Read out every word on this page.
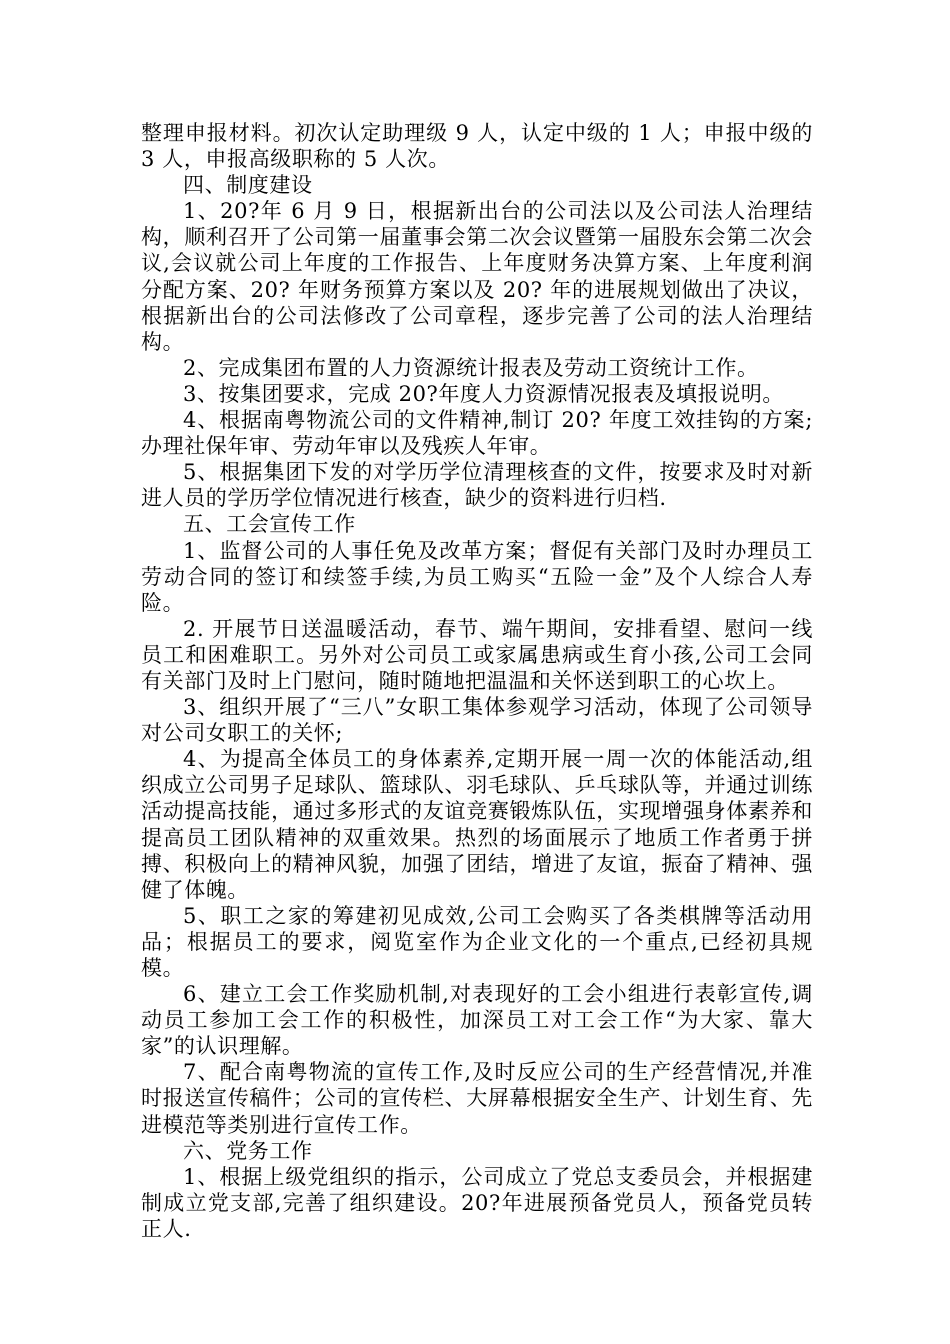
整理申报材料。初次认定助理级 9 人，认定中级的 1 人；申报中级的 3 人，申报高级职称的 5 人次。

四、制度建设

1、20?年 6 月 9 日，根据新出台的公司法以及公司法人治理结构，顺利召开了公司第一届董事会第二次会议暨第一届股东会第二次会议,会议就公司上年度的工作报告、上年度财务决算方案、上年度利润分配方案、20? 年财务预算方案以及 20? 年的进展规划做出了决议，根据新出台的公司法修改了公司章程，逐步完善了公司的法人治理结构。

2、完成集团布置的人力资源统计报表及劳动工资统计工作。

3、按集团要求，完成 20?年度人力资源情况报表及填报说明。

4、根据南粤物流公司的文件精神,制订 20? 年度工效挂钩的方案; 办理社保年审、劳动年审以及残疾人年审。

5、根据集团下发的对学历学位清理核查的文件，按要求及时对新进人员的学历学位情况进行核查，缺少的资料进行归档.

五、工会宣传工作

1、监督公司的人事任免及改革方案；督促有关部门及时办理员工劳动合同的签订和续签手续,为员工购买“五险一金”及个人综合人寿险。

2. 开展节日送温暖活动，春节、端午期间，安排看望、慰问一线员工和困难职工。另外对公司员工或家属患病或生育小孩,公司工会同有关部门及时上门慰问，随时随地把温温和关怀送到职工的心坎上。

3、组织开展了“三八”女职工集体参观学习活动，体现了公司领导对公司女职工的关怀;

4、为提高全体员工的身体素养,定期开展一周一次的体能活动,组织成立公司男子足球队、篮球队、羽毛球队、乒乓球队等，并通过训练活动提高技能，通过多形式的友谊竞赛锻炼队伍，实现增强身体素养和提高员工团队精神的双重效果。热烈的场面展示了地质工作者勇于拼搏、积极向上的精神风貌，加强了团结，增进了友谊，振奋了精神、强健了体魄。

5、职工之家的筹建初见成效,公司工会购买了各类棋牌等活动用品；根据员工的要求，阅览室作为企业文化的一个重点,已经初具规模。

6、建立工会工作奖励机制,对表现好的工会小组进行表彰宣传,调动员工参加工会工作的积极性，加深员工对工会工作“为大家、靠大家”的认识理解。

7、配合南粤物流的宣传工作,及时反应公司的生产经营情况,并准时报送宣传稿件；公司的宣传栏、大屏幕根据安全生产、计划生育、先进模范等类别进行宣传工作。

六、党务工作

1、根据上级党组织的指示，公司成立了党总支委员会，并根据建制成立党支部,完善了组织建设。20?年进展预备党员人，预备党员转正人.
